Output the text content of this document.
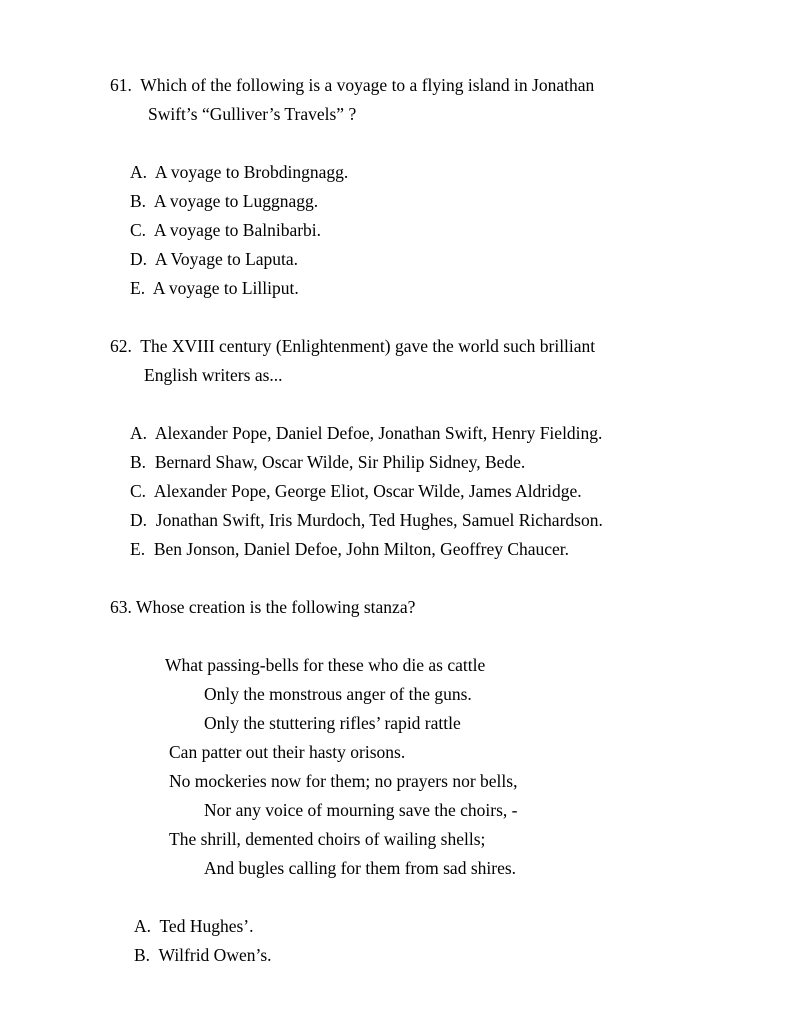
61.  Which of the following is a voyage to a flying island in Jonathan
Swift’s “Gulliver’s Travels” ?
A. A voyage to Brobdingnagg.
B. A voyage to Luggnagg.
C. A voyage to Balnibarbi.
D. A Voyage to Laputa.
E. A voyage to Lilliput.
62.  The XVIII century (Enlightenment) gave the world such brilliant
English writers as...
A. Alexander Pope, Daniel Defoe, Jonathan Swift, Henry Fielding.
B. Bernard Shaw, Oscar Wilde, Sir Philip Sidney, Bede.
C. Alexander Pope, George Eliot, Oscar Wilde, James Aldridge.
D. Jonathan Swift, Iris Murdoch, Ted Hughes, Samuel Richardson.
E. Ben Jonson, Daniel Defoe, John Milton, Geoffrey Chaucer.
63. Whose creation is the following stanza?
What passing-bells for these who die as cattle
Only the monstrous anger of the guns.
Only the stuttering rifles’ rapid rattle
Can patter out their hasty orisons.
No mockeries now for them; no prayers nor bells,
Nor any voice of mourning save the choirs, -
The shrill, demented choirs of wailing shells;
And bugles calling for them from sad shires.
A. Ted Hughes’.
B. Wilfrid Owen’s.
